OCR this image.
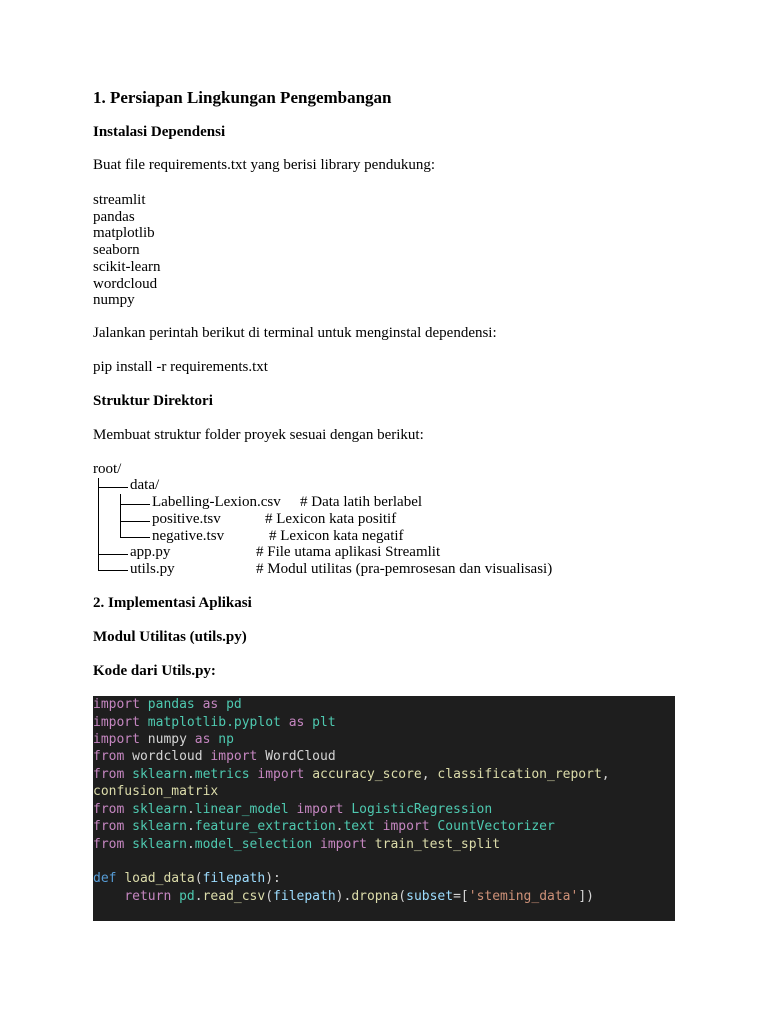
1. Persiapan Lingkungan Pengembangan
Instalasi Dependensi
Buat file requirements.txt yang berisi library pendukung:
streamlit
pandas
matplotlib
seaborn
scikit-learn
wordcloud
numpy
Jalankan perintah berikut di terminal untuk menginstal dependensi:
pip install -r requirements.txt
Struktur Direktori
Membuat struktur folder proyek sesuai dengan berikut:
root/
data/
Labelling-Lexion.csv # Data latih berlabel
positive.tsv	# Lexicon kata positif
negative.tsv	# Lexicon kata negatif
app.py	# File utama aplikasi Streamlit
utils.py	# Modul utilitas (pra-pemrosesan dan visualisasi)
2. Implementasi Aplikasi
Modul Utilitas (utils.py)
Kode dari Utils.py:
import pandas as pd
import matplotlib.pyplot as plt
import numpy as np
from wordcloud import WordCloud
from sklearn.metrics import accuracy_score, classification_report,
confusion_matrix
from sklearn.linear_model import LogisticRegression
from sklearn.feature_extraction.text import CountVectorizer
from sklearn.model_selection import train_test_split
def load_data(filepath):
return pd.read_csv(filepath).dropna(subset=['steming_data'])
